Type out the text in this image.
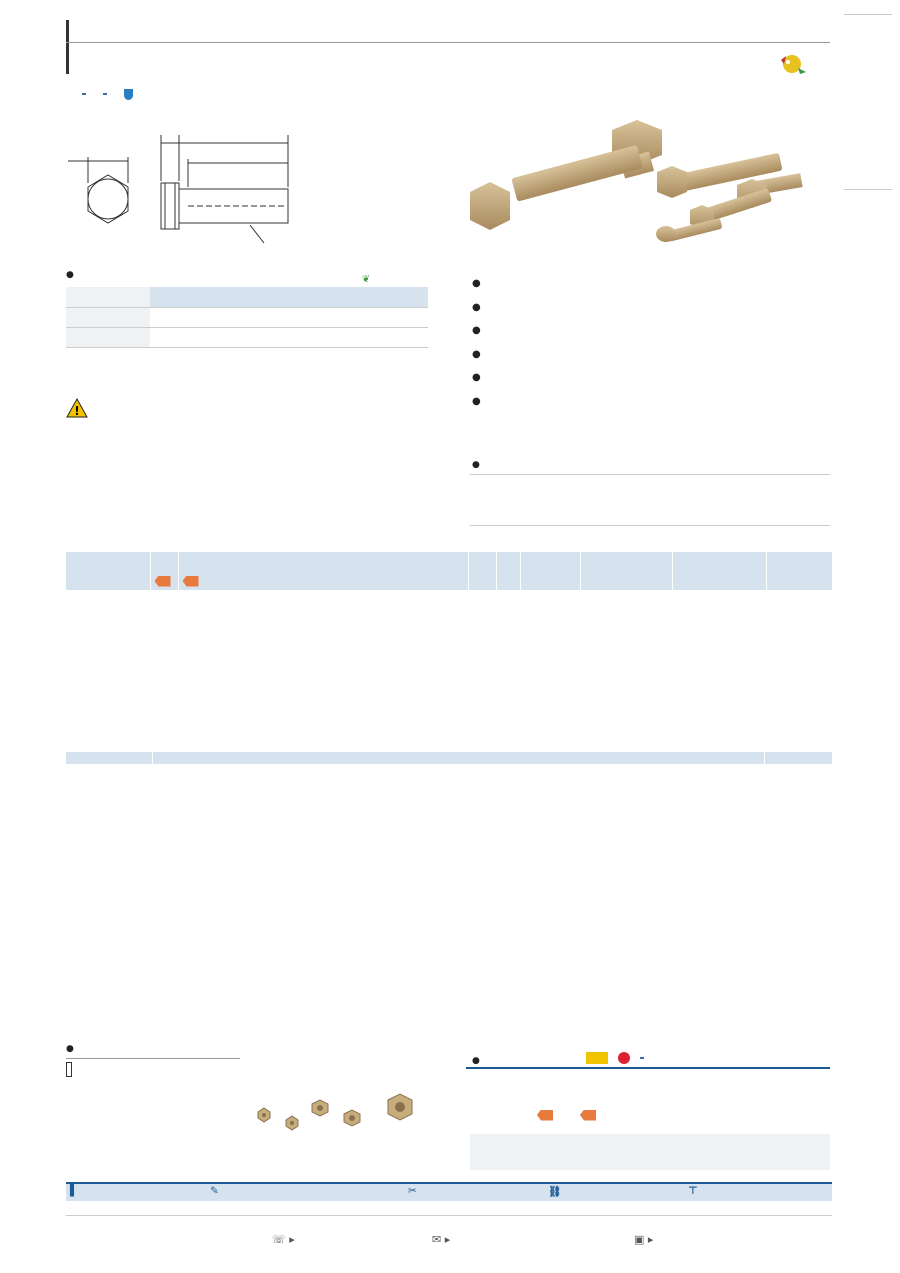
●
❦

!
●
●
●
●
●
●
●

●
●
▌	✎	✂	⛓	⊤
☏ ▸	✉ ▸	▣ ▸
